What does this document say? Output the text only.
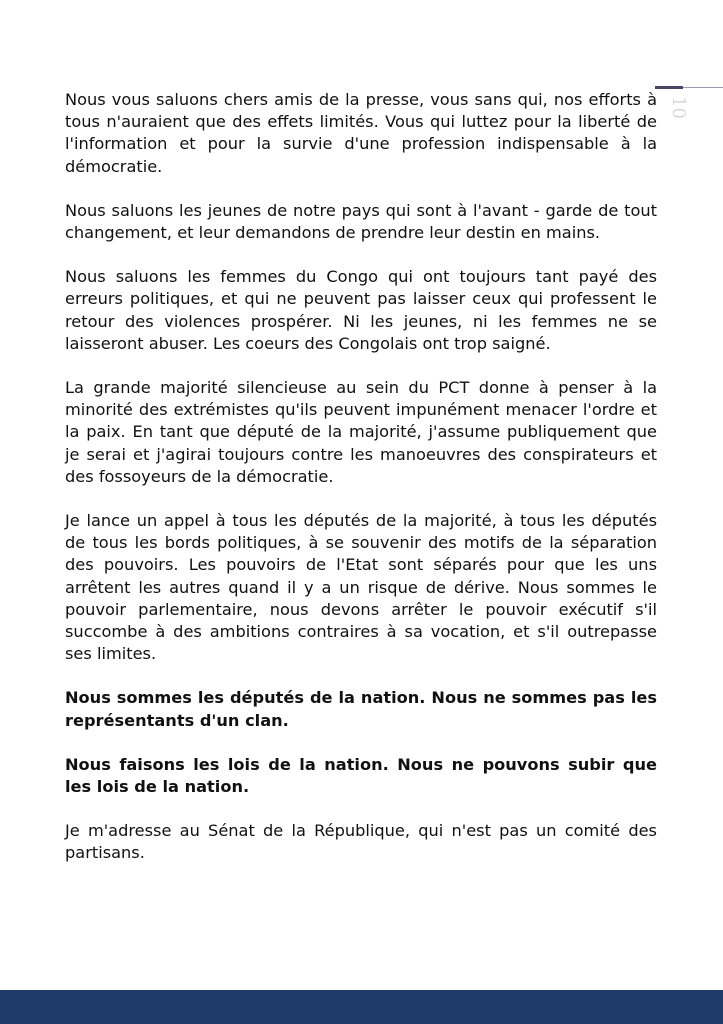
10

Nous vous saluons chers amis de la presse, vous sans qui, nos efforts à tous n'auraient que des effets limités. Vous qui luttez pour la liberté de l'information et pour la survie d'une profession indispensable à la démocratie.

Nous saluons les jeunes de notre pays qui sont à l'avant - garde de tout changement, et leur demandons de prendre leur destin en mains.

Nous saluons les femmes du Congo qui ont toujours tant payé des erreurs politiques, et qui ne peuvent pas laisser ceux qui professent le retour des violences prospérer. Ni les jeunes, ni les femmes ne se laisseront abuser. Les coeurs des Congolais ont trop saigné.

La grande majorité silencieuse au sein du PCT donne à penser à la minorité des extrémistes qu'ils peuvent impunément menacer l'ordre et la paix. En tant que député de la majorité, j'assume publiquement que je serai et j'agirai toujours contre les manoeuvres des conspirateurs et des fossoyeurs de la démocratie.

Je lance un appel à tous les députés de la majorité, à tous les députés de tous les bords politiques, à se souvenir des motifs de la séparation des pouvoirs. Les pouvoirs de l'Etat sont séparés pour que les uns arrêtent les autres quand il y a un risque de dérive. Nous sommes le pouvoir parlementaire, nous devons arrêter le pouvoir exécutif s'il succombe à des ambitions contraires à sa vocation, et s'il outrepasse ses limites.

Nous sommes les députés de la nation. Nous ne sommes pas les représentants d'un clan.

Nous faisons les lois de la nation. Nous ne pouvons subir que les lois de la nation.

Je m'adresse au Sénat de la République, qui n'est pas un comité des partisans.
